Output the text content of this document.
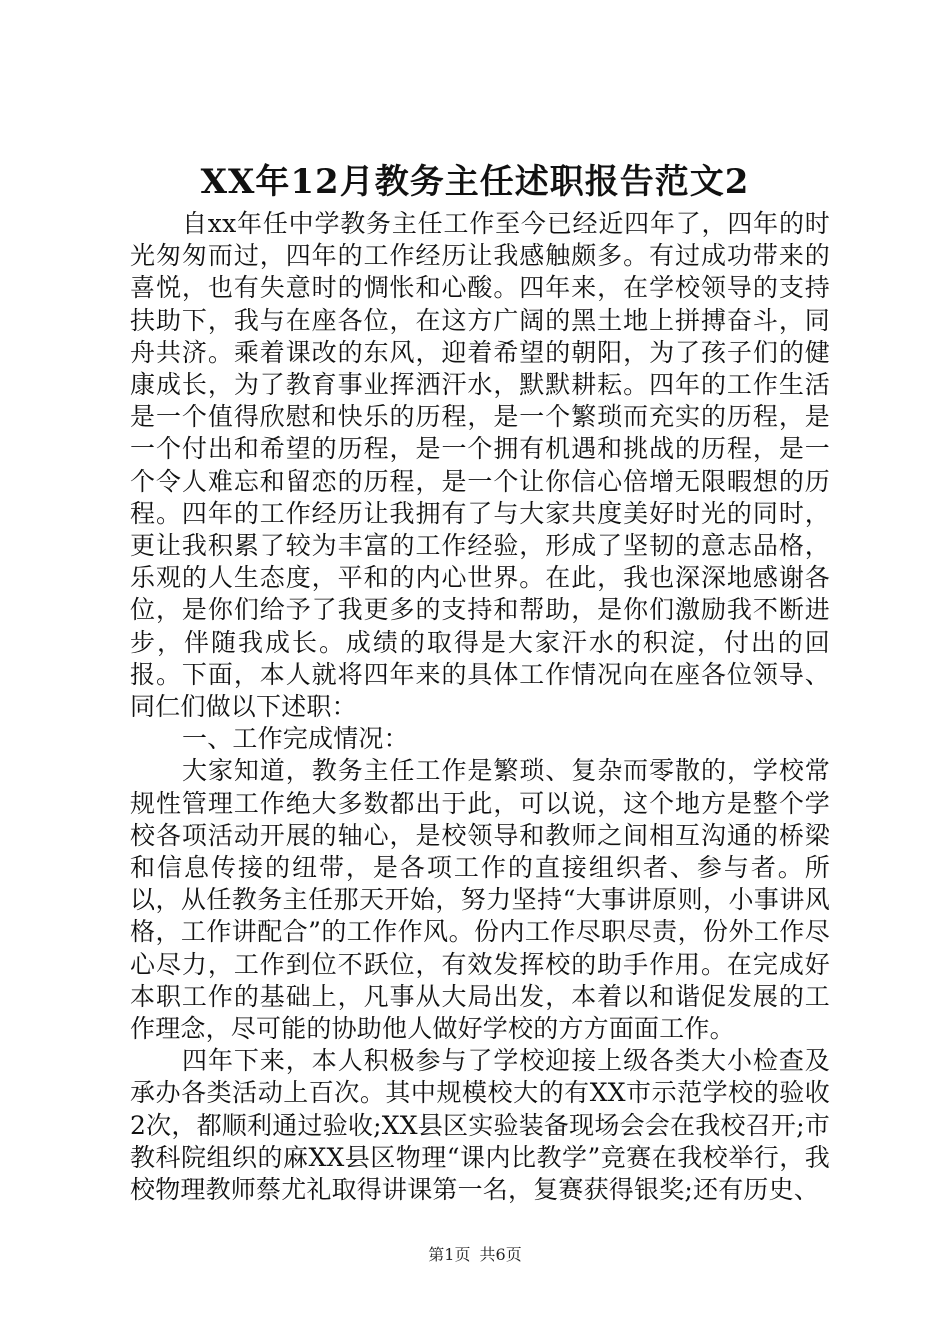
XX年12月教务主任述职报告范文2

自xx年任中学教务主任工作至今已经近四年了，四年的时光匆匆而过，四年的工作经历让我感触颇多。有过成功带来的喜悦，也有失意时的惆怅和心酸。四年来，在学校领导的支持扶助下，我与在座各位，在这方广阔的黑土地上拼搏奋斗，同舟共济。乘着课改的东风，迎着希望的朝阳，为了孩子们的健康成长，为了教育事业挥洒汗水，默默耕耘。四年的工作生活是一个值得欣慰和快乐的历程，是一个繁琐而充实的历程，是一个付出和希望的历程，是一个拥有机遇和挑战的历程，是一个令人难忘和留恋的历程，是一个让你信心倍增无限暇想的历程。四年的工作经历让我拥有了与大家共度美好时光的同时，更让我积累了较为丰富的工作经验，形成了坚韧的意志品格，乐观的人生态度，平和的内心世界。在此，我也深深地感谢各位，是你们给予了我更多的支持和帮助，是你们激励我不断进步，伴随我成长。成绩的取得是大家汗水的积淀，付出的回报。下面，本人就将四年来的具体工作情况向在座各位领导、同仁们做以下述职：

一、工作完成情况：

大家知道，教务主任工作是繁琐、复杂而零散的，学校常规性管理工作绝大多数都出于此，可以说，这个地方是整个学校各项活动开展的轴心，是校领导和教师之间相互沟通的桥梁和信息传接的纽带，是各项工作的直接组织者、参与者。所以，从任教务主任那天开始，努力坚持“大事讲原则，小事讲风格，工作讲配合”的工作作风。份内工作尽职尽责，份外工作尽心尽力，工作到位不跃位，有效发挥校的助手作用。在完成好本职工作的基础上，凡事从大局出发，本着以和谐促发展的工作理念，尽可能的协助他人做好学校的方方面面工作。

四年下来，本人积极参与了学校迎接上级各类大小检查及承办各类活动上百次。其中规模校大的有XX市示范学校的验收2次，都顺利通过验收;XX县区实验装备现场会会在我校召开;市教科院组织的麻XX县区物理“课内比教学”竞赛在我校举行，我校物理教师蔡尤礼取得讲课第一名，复赛获得银奖;还有历史、

第1页 共6页
